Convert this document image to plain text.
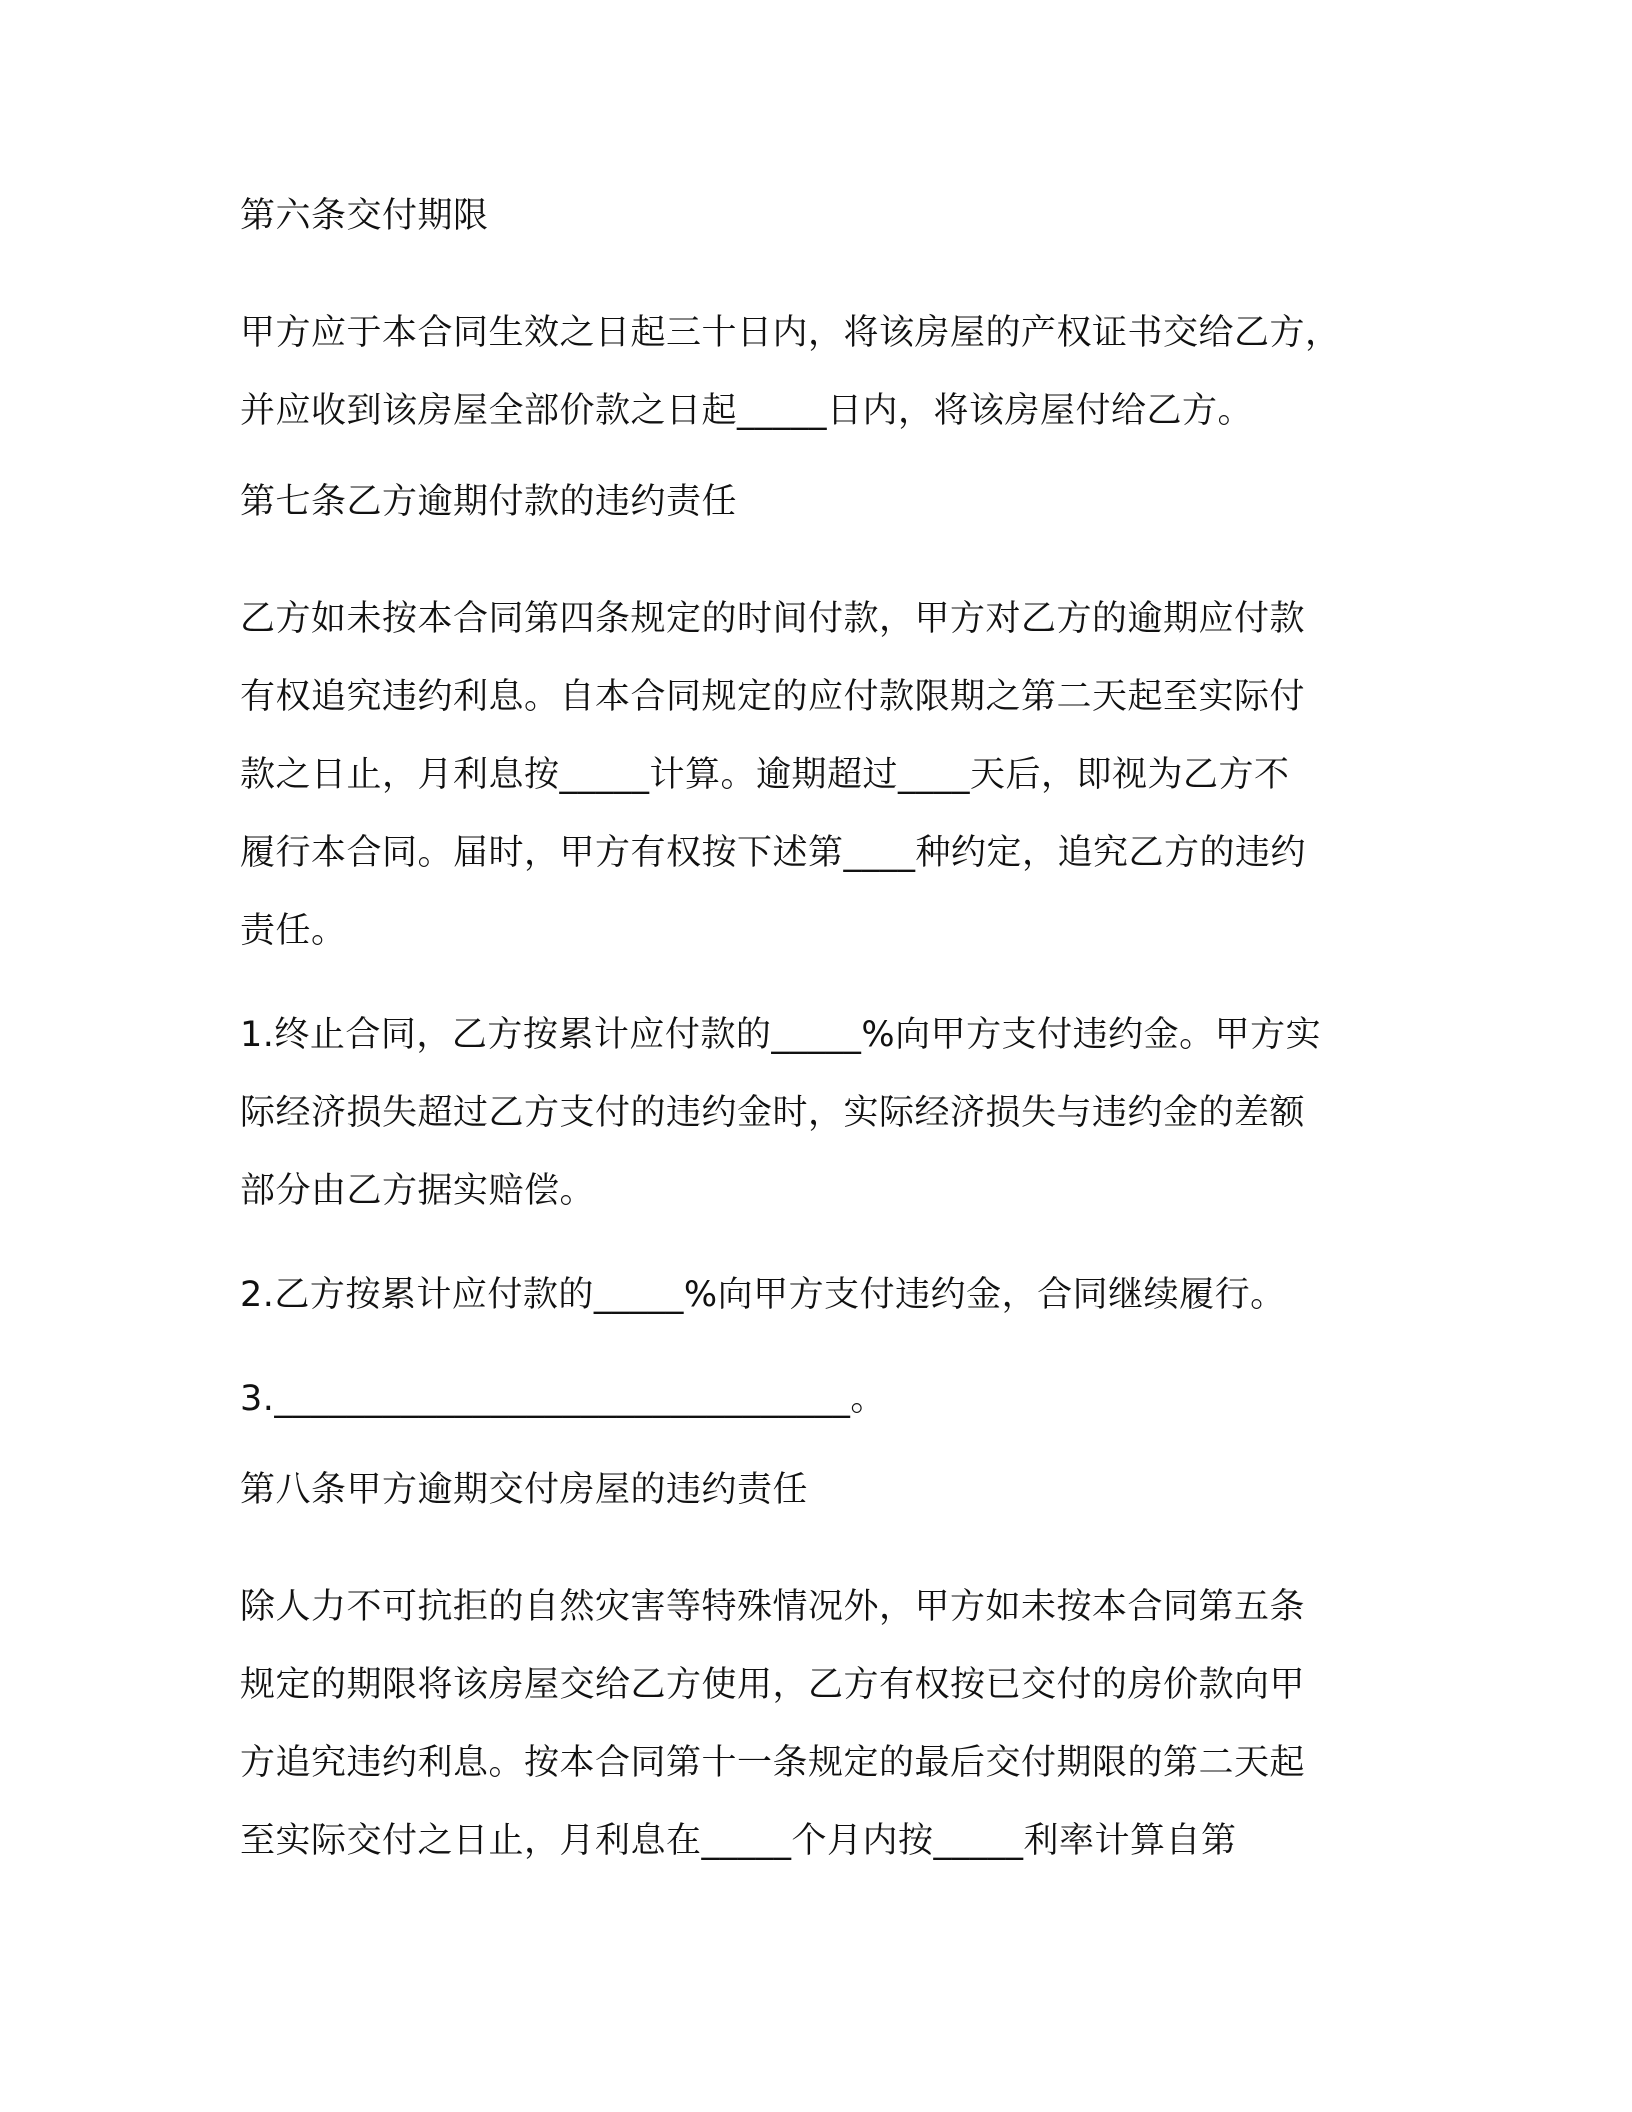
第六条交付期限
甲方应于本合同生效之日起三十日内，将该房屋的产权证书交给乙方，
并应收到该房屋全部价款之日起_____日内，将该房屋付给乙方。
第七条乙方逾期付款的违约责任
乙方如未按本合同第四条规定的时间付款，甲方对乙方的逾期应付款
有权追究违约利息。自本合同规定的应付款限期之第二天起至实际付
款之日止，月利息按_____计算。逾期超过____天后，即视为乙方不
履行本合同。届时，甲方有权按下述第____种约定，追究乙方的违约
责任。
1.终止合同，乙方按累计应付款的_____%向甲方支付违约金。甲方实
际经济损失超过乙方支付的违约金时，实际经济损失与违约金的差额
部分由乙方据实赔偿。
2.乙方按累计应付款的_____%向甲方支付违约金，合同继续履行。
3.________________________________。
第八条甲方逾期交付房屋的违约责任
除人力不可抗拒的自然灾害等特殊情况外，甲方如未按本合同第五条
规定的期限将该房屋交给乙方使用，乙方有权按已交付的房价款向甲
方追究违约利息。按本合同第十一条规定的最后交付期限的第二天起
至实际交付之日止，月利息在_____个月内按_____利率计算自第
